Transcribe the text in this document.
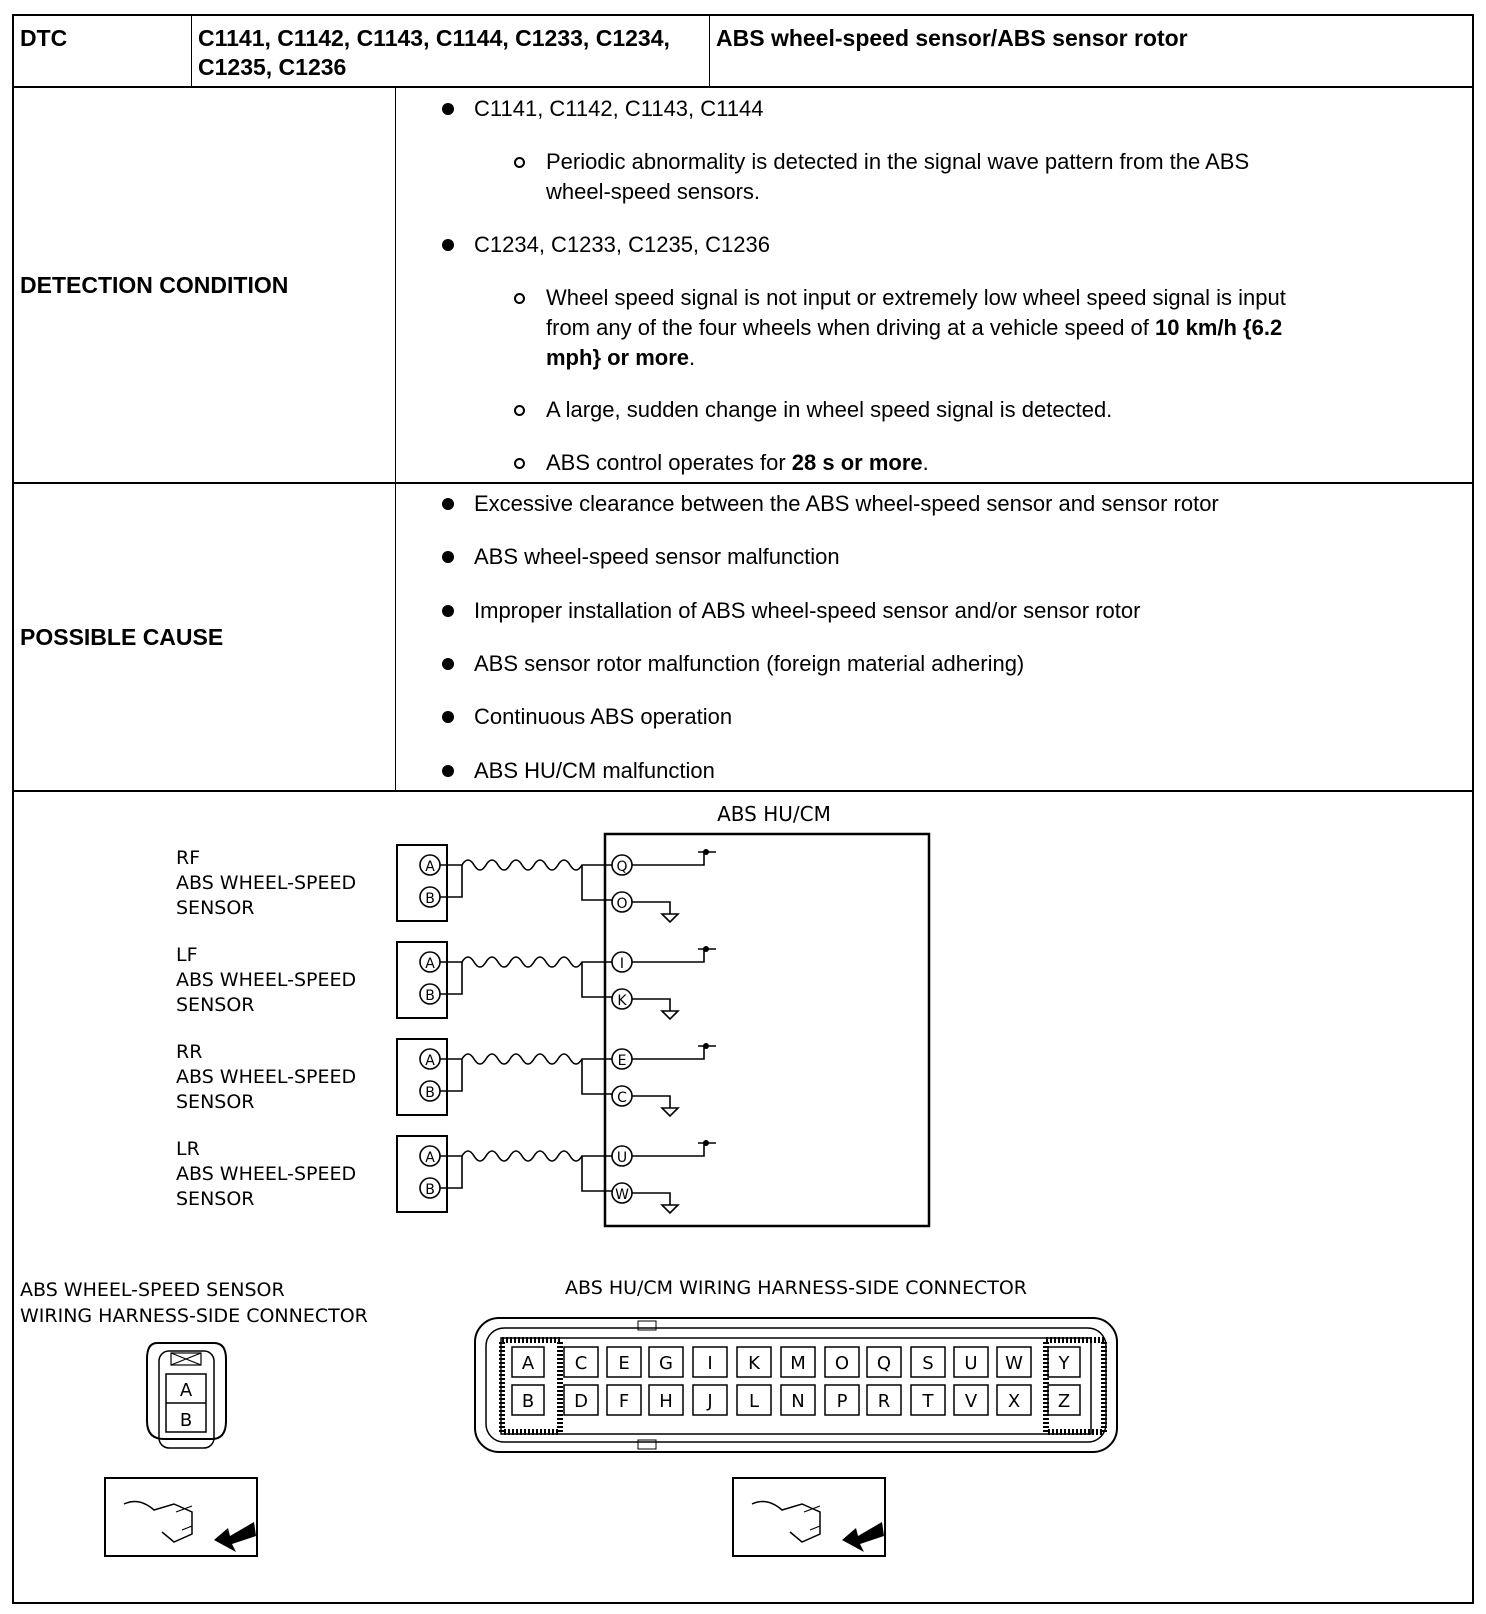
DTC	C1141, C1142, C1143, C1144, C1233, C1234,
C1235, C1236
ABS wheel-speed sensor/ABS sensor rotor
DETECTION CONDITION
C1141, C1142, C1143, C1144
Periodic abnormality is detected in the signal wave pattern from the ABS
wheel-speed sensors.
C1234, C1233, C1235, C1236
Wheel speed signal is not input or extremely low wheel speed signal is input
from any of the four wheels when driving at a vehicle speed of 10 km/h {6.2
mph} or more.
A large, sudden change in wheel speed signal is detected.
ABS control operates for 28 s or more.
POSSIBLE CAUSE
Excessive clearance between the ABS wheel-speed sensor and sensor rotor
ABS wheel-speed sensor malfunction
Improper installation of ABS wheel-speed sensor and/or sensor rotor
ABS sensor rotor malfunction (foreign material adhering)
Continuous ABS operation
ABS HU/CM malfunction
ABS HU/CM
RF
ABS WHEEL-SPEED
SENSOR
A
B
Q
O
LF
ABS WHEEL-SPEED
SENSOR
A
B
I
K
RR
ABS WHEEL-SPEED
SENSOR
A
B
E
C
LR
ABS WHEEL-SPEED
SENSOR
A
B
U
W
ABS WHEEL-SPEED SENSOR
WIRING HARNESS-SIDE CONNECTOR
A
B
ABS HU/CM WIRING HARNESS-SIDE CONNECTOR
A C E G I K M O Q S U W Y
B D F H J L N P R T V X Z
